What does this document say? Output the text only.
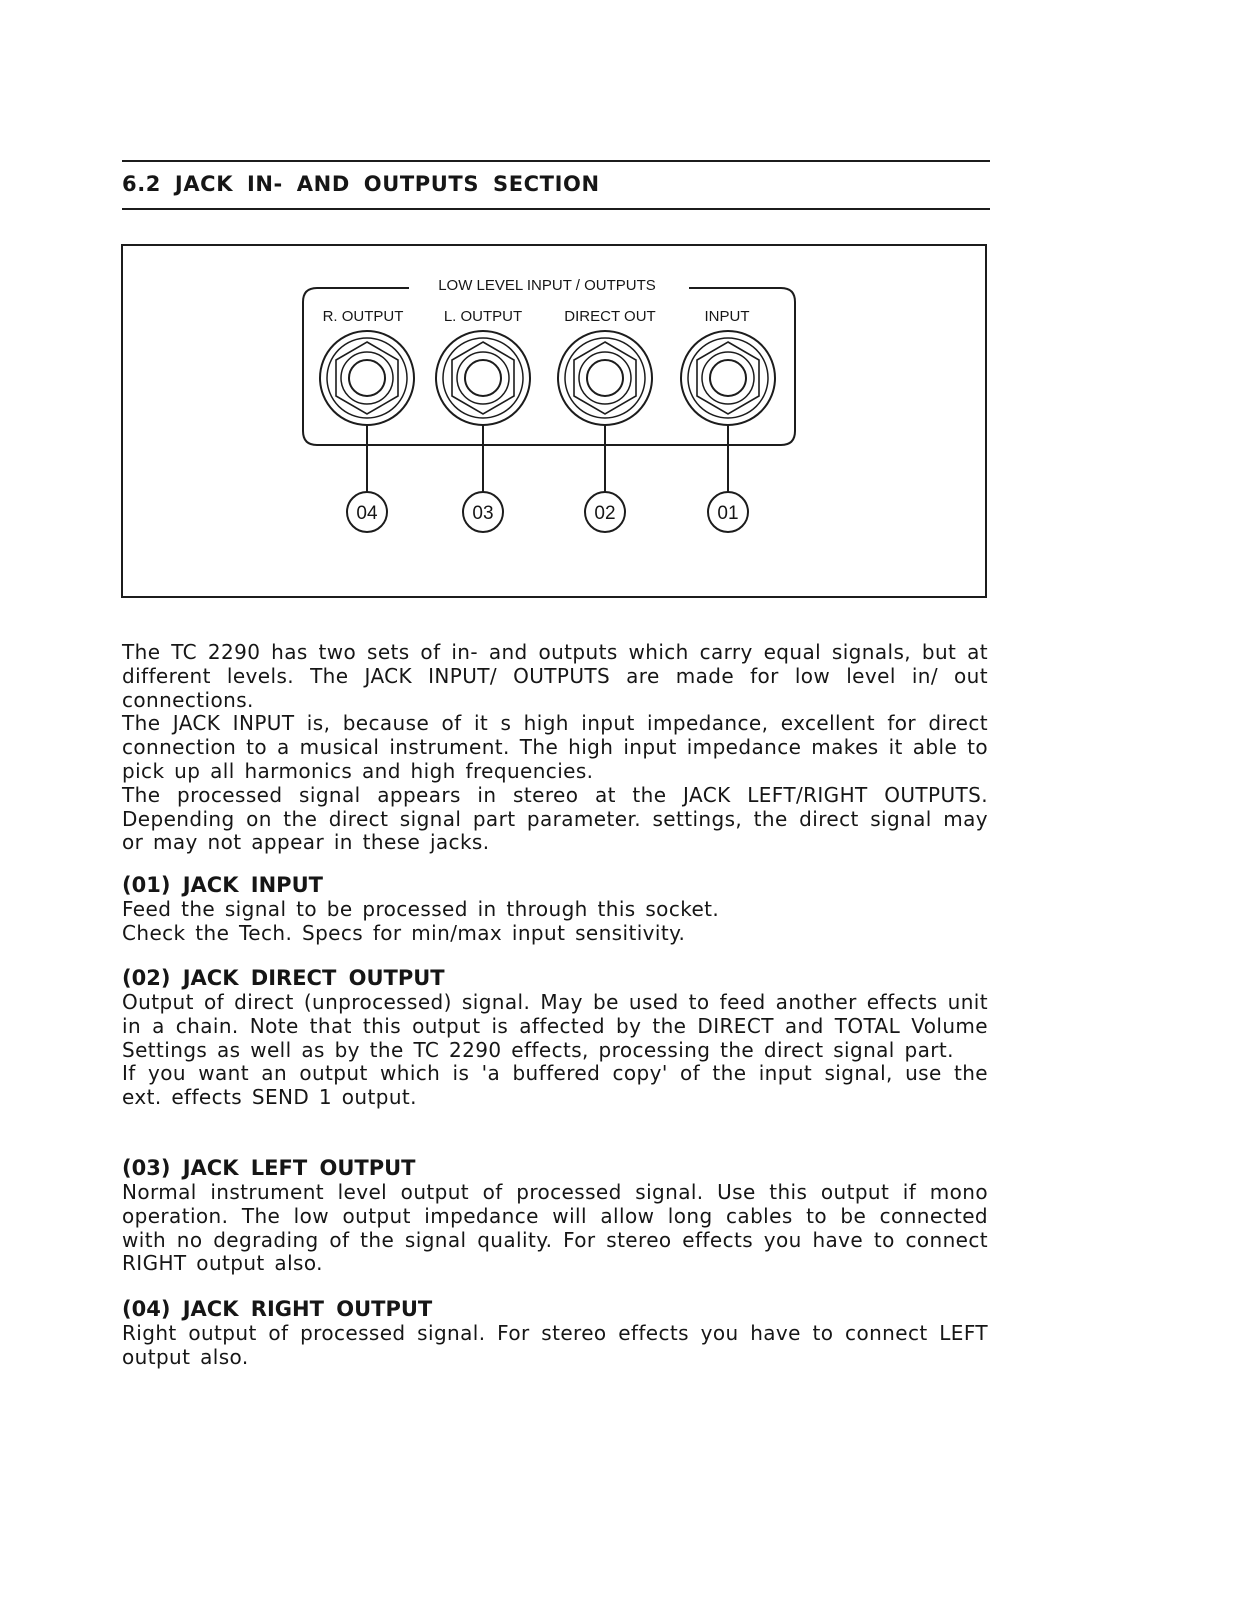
6.2 JACK IN- AND OUTPUTS SECTION
LOW LEVEL INPUT / OUTPUTS
R. OUTPUT	L. OUTPUT	DIRECT OUT	INPUT
04	03	02	01

The TC 2290 has two sets of in- and outputs which carry equal signals, but at different levels. The JACK INPUT/ OUTPUTS are made for low level in/ out connections.

The JACK INPUT is, because of it s high input impedance, excellent for direct connection to a musical instrument. The high input impedance makes it able to pick up all harmonics and high frequencies.

The processed signal appears in stereo at the JACK LEFT/RIGHT OUTPUTS. Depending on the direct signal part parameter. settings, the direct signal may or may not appear in these jacks.

(01) JACK INPUT

Feed the signal to be processed in through this socket.

Check the Tech. Specs for min/max input sensitivity.

(02) JACK DIRECT OUTPUT

Output of direct (unprocessed) signal. May be used to feed another effects unit in a chain. Note that this output is affected by the DIRECT and TOTAL Volume Settings as well as by the TC 2290 effects, processing the direct signal part.

If you want an output which is 'a buffered copy' of the input signal, use the ext. effects SEND 1 output.

(03) JACK LEFT OUTPUT

Normal instrument level output of processed signal. Use this output if mono operation. The low output impedance will allow long cables to be connected with no degrading of the signal quality. For stereo effects you have to connect RIGHT output also.

(04) JACK RIGHT OUTPUT

Right output of processed signal. For stereo effects you have to connect LEFT output also.
